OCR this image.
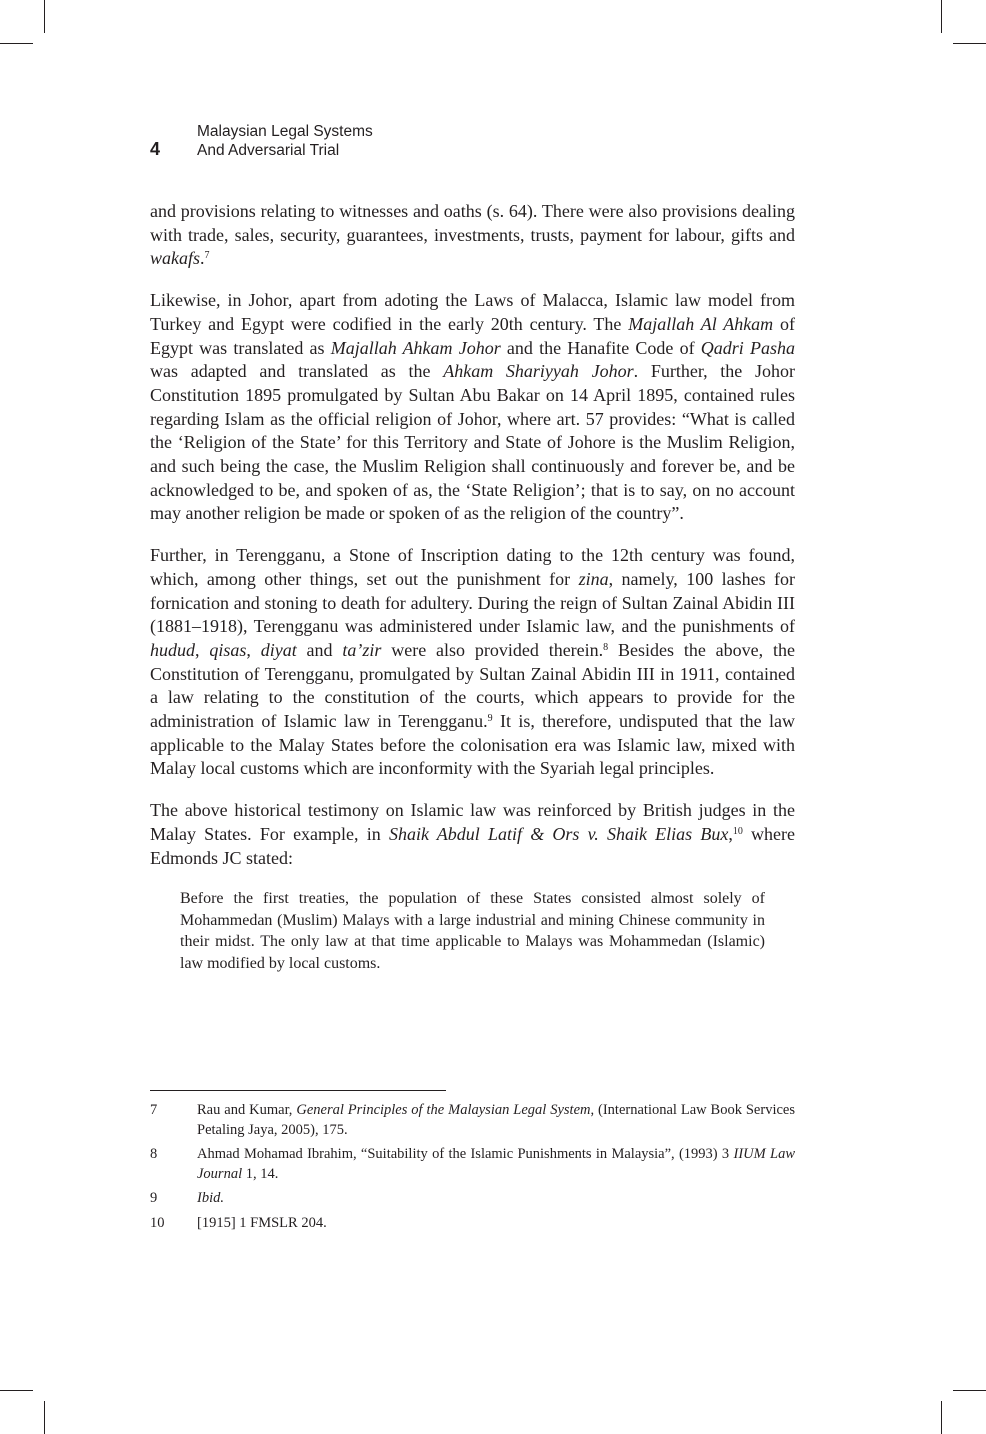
4
Malaysian Legal Systems
And Adversarial Trial

and provisions relating to witnesses and oaths (s. 64). There were also provisions dealing with trade, sales, security, guarantees, investments, trusts, payment for labour, gifts and wakafs.$^7$

Likewise, in Johor, apart from adoting the Laws of Malacca, Islamic law model from Turkey and Egypt were codified in the early 20th century. The Majallah Al Ahkam of Egypt was translated as Majallah Ahkam Johor and the Hanafite Code of Qadri Pasha was adapted and translated as the Ahkam Shariyyah Johor. Further, the Johor Constitution 1895 promulgated by Sultan Abu Bakar on 14 April 1895, contained rules regarding Islam as the official religion of Johor, where art. 57 provides: “What is called the ‘Religion of the State’ for this Territory and State of Johore is the Muslim Religion, and such being the case, the Muslim Religion shall continuously and forever be, and be acknowledged to be, and spoken of as, the ‘State Religion’; that is to say, on no account may another religion be made or spoken of as the religion of the country”.

Further, in Terengganu, a Stone of Inscription dating to the 12th century was found, which, among other things, set out the punishment for zina, namely, 100 lashes for fornication and stoning to death for adultery. During the reign of Sultan Zainal Abidin III (1881–1918), Terengganu was administered under Islamic law, and the punishments of hudud, qisas, diyat and ta’zir were also provided therein.$^8$ Besides the above, the Constitution of Terengganu, promulgated by Sultan Zainal Abidin III in 1911, contained a law relating to the constitution of the courts, which appears to provide for the administration of Islamic law in Terengganu.$^9$ It is, therefore, undisputed that the law applicable to the Malay States before the colonisation era was Islamic law, mixed with Malay local customs which are inconformity with the Syariah legal principles.

The above historical testimony on Islamic law was reinforced by British judges in the Malay States. For example, in Shaik Abdul Latif & Ors v. Shaik Elias Bux,$^{10}$ where Edmonds JC stated:

Before the first treaties, the population of these States consisted almost solely of Mohammedan (Muslim) Malays with a large industrial and mining Chinese community in their midst. The only law at that time applicable to Malays was Mohammedan (Islamic) law modified by local customs.
7	Rau and Kumar, General Principles of the Malaysian Legal System, (International Law Book Services Petaling Jaya, 2005), 175.
8	Ahmad Mohamad Ibrahim, “Suitability of the Islamic Punishments in Malaysia”, (1993) 3 IIUM Law Journal 1, 14.
9	Ibid.
10	[1915] 1 FMSLR 204.
